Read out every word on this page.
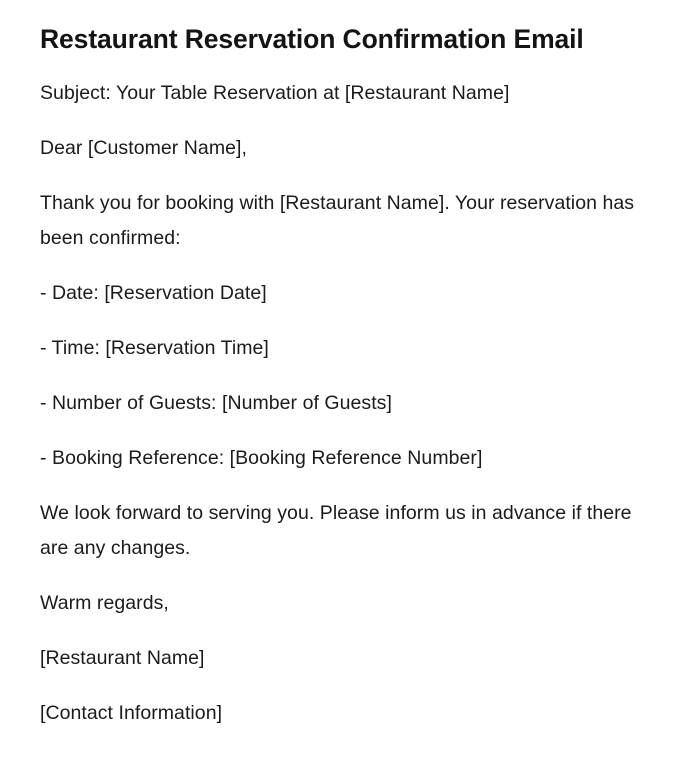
Restaurant Reservation Confirmation Email

Subject: Your Table Reservation at [Restaurant Name]

Dear [Customer Name],

Thank you for booking with [Restaurant Name]. Your reservation has been confirmed:

- Date: [Reservation Date]

- Time: [Reservation Time]

- Number of Guests: [Number of Guests]

- Booking Reference: [Booking Reference Number]

We look forward to serving you. Please inform us in advance if there are any changes.

Warm regards,

[Restaurant Name]

[Contact Information]
